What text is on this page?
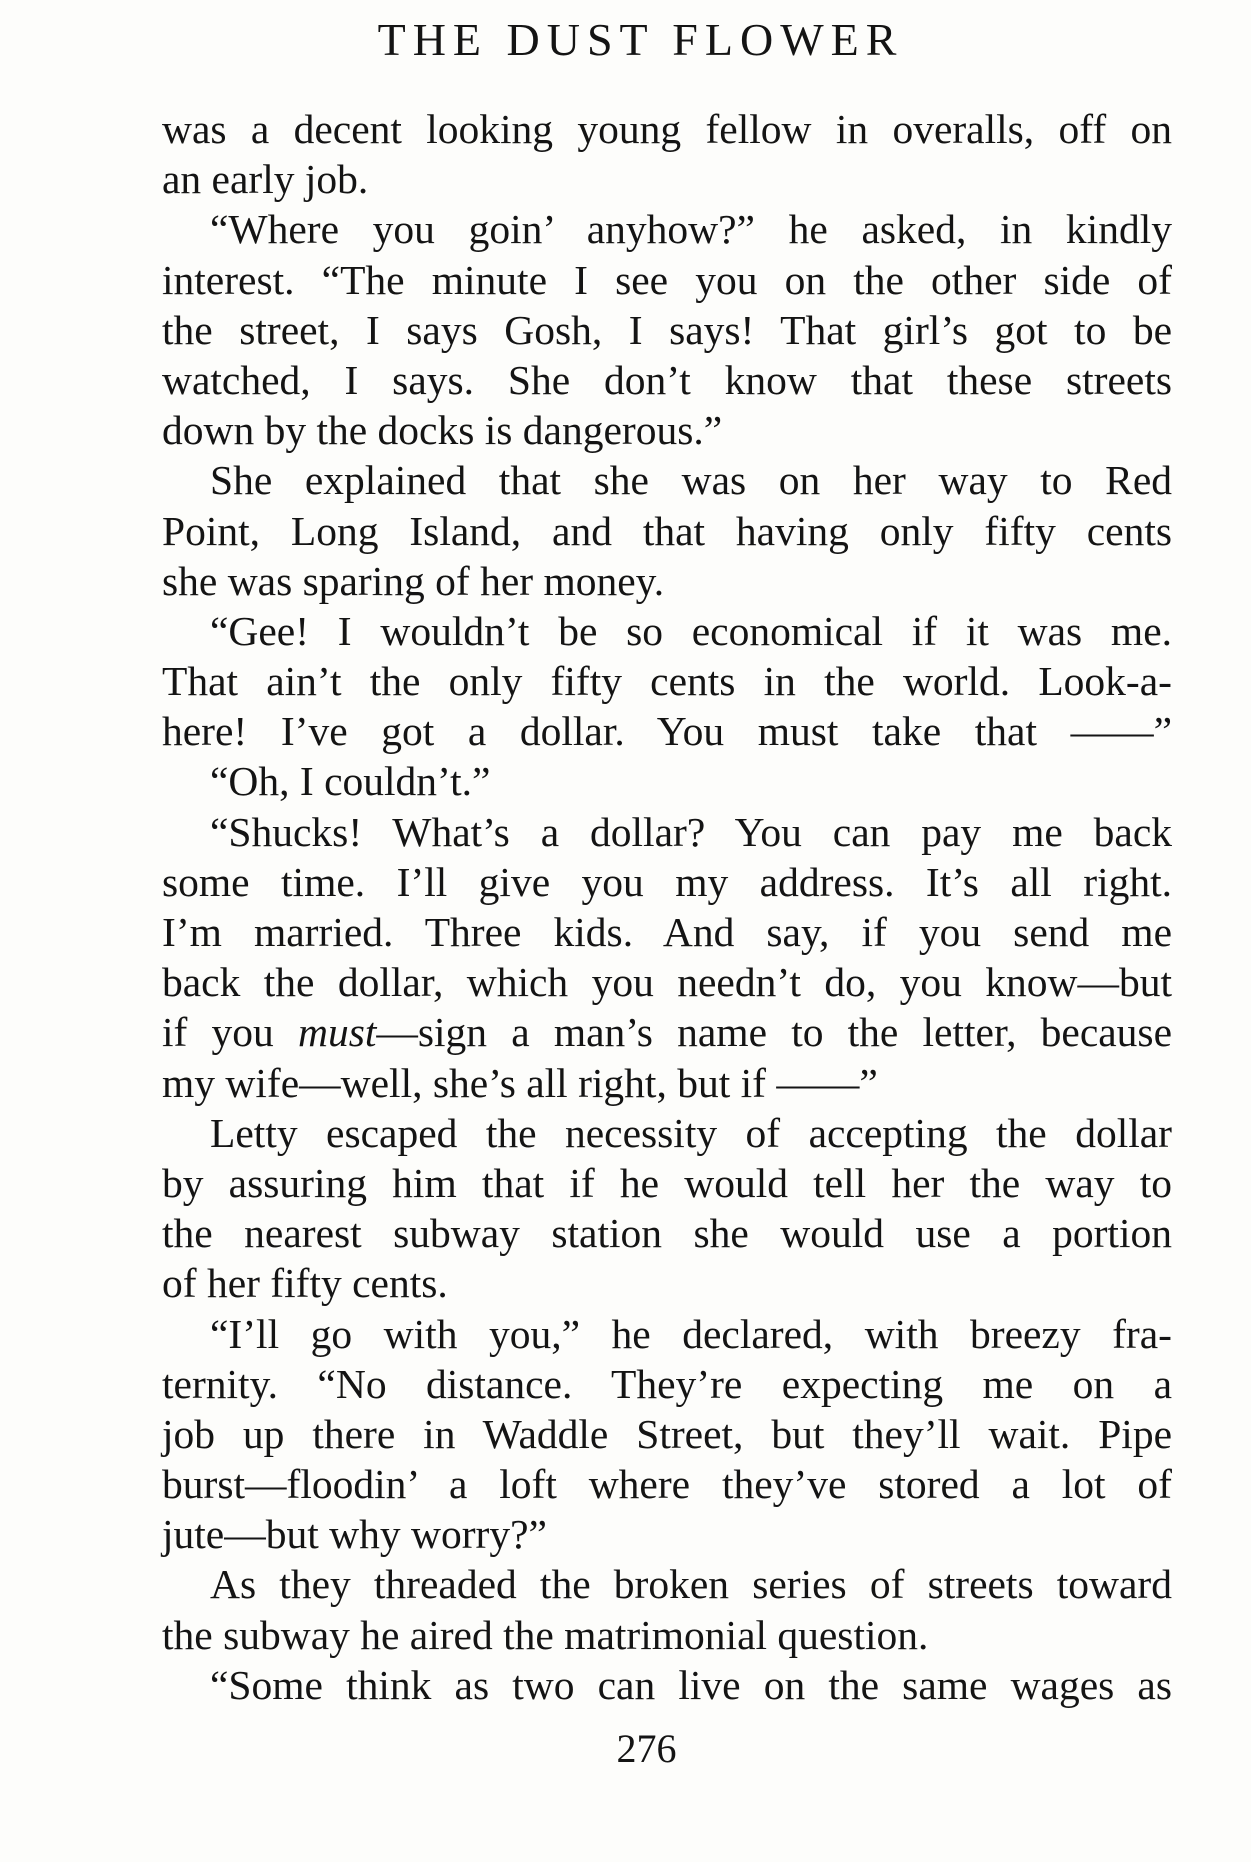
THE DUST FLOWER
was a decent looking young fellow in overalls, off on
an early job.
“Where you goin’ anyhow?” he asked, in kindly
interest. “The minute I see you on the other side of
the street, I says Gosh, I says! That girl’s got to be
watched, I says. She don’t know that these streets
down by the docks is dangerous.”
She explained that she was on her way to Red
Point, Long Island, and that having only fifty cents
she was sparing of her money.
“Gee! I wouldn’t be so economical if it was me.
That ain’t the only fifty cents in the world. Look-a-
here! I’ve got a dollar. You must take that ——”
“Oh, I couldn’t.”
“Shucks! What’s a dollar? You can pay me back
some time. I’ll give you my address. It’s all right.
I’m married. Three kids. And say, if you send me
back the dollar, which you needn’t do, you know—but
if you must—sign a man’s name to the letter, because
my wife—well, she’s all right, but if ——”
Letty escaped the necessity of accepting the dollar
by assuring him that if he would tell her the way to
the nearest subway station she would use a portion
of her fifty cents.
“I’ll go with you,” he declared, with breezy fra-
ternity. “No distance. They’re expecting me on a
job up there in Waddle Street, but they’ll wait. Pipe
burst—floodin’ a loft where they’ve stored a lot of
jute—but why worry?”
As they threaded the broken series of streets toward
the subway he aired the matrimonial question.
“Some think as two can live on the same wages as
276
